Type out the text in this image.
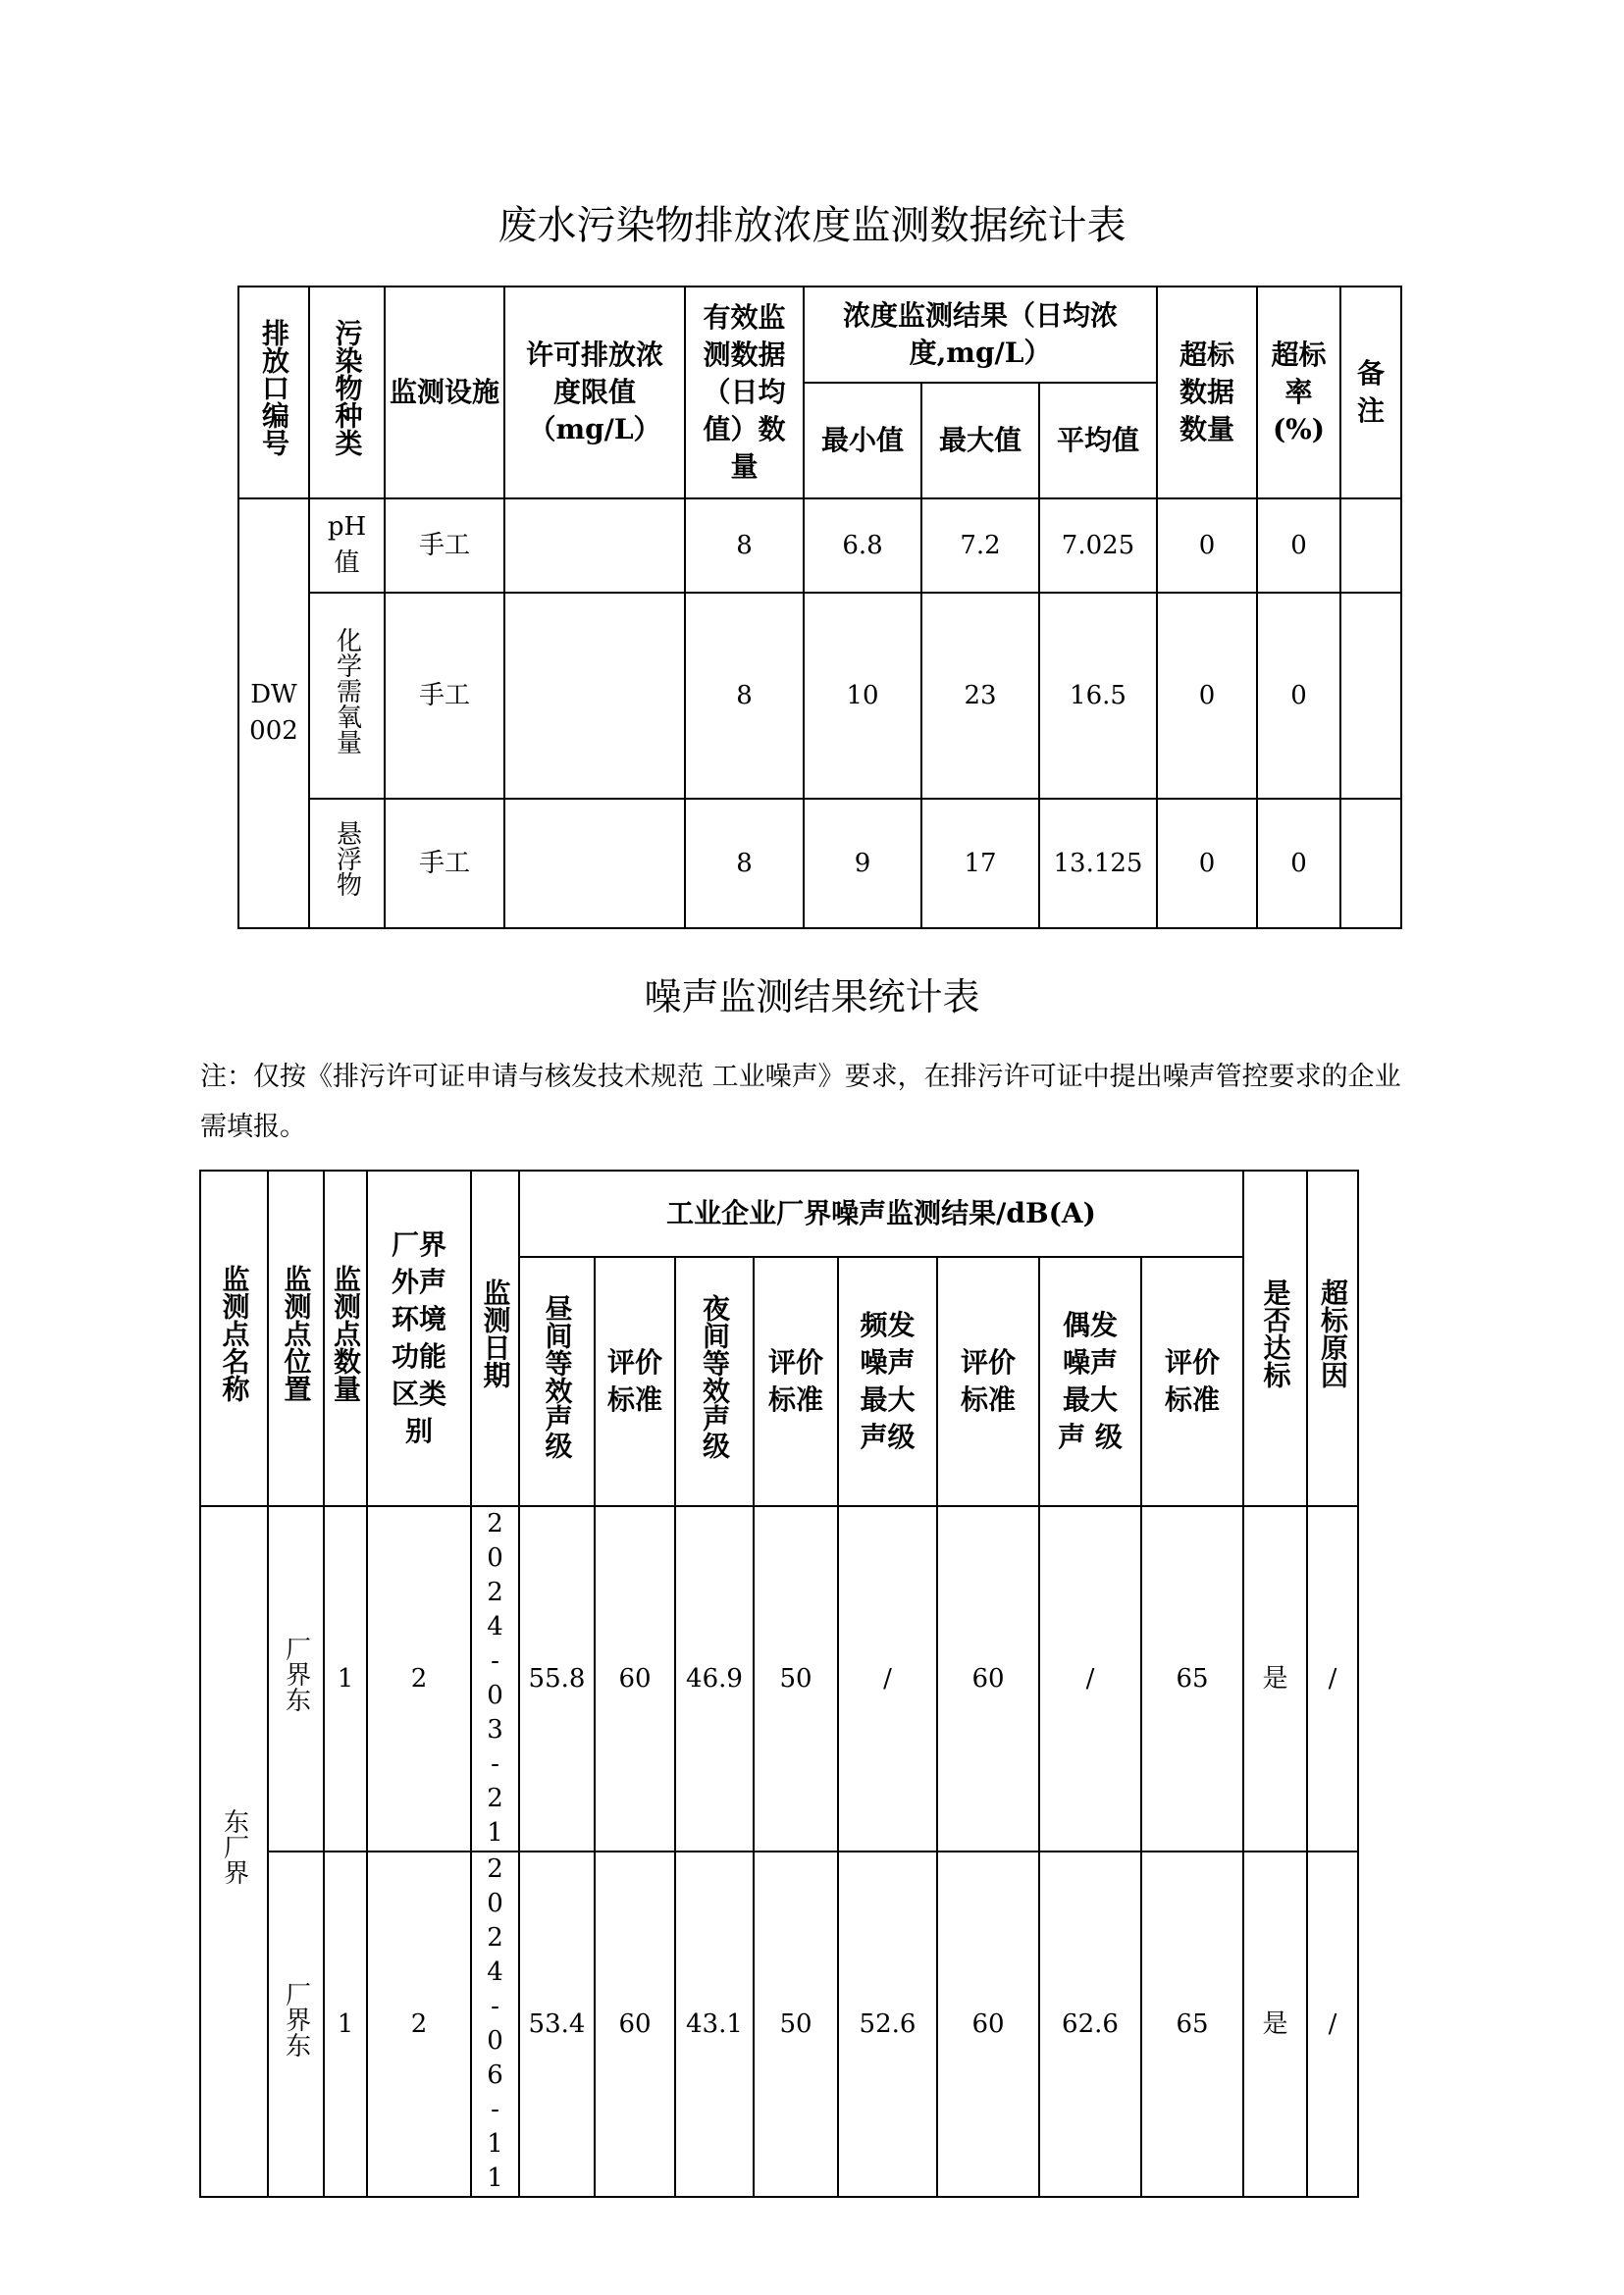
废水污染物排放浓度监测数据统计表
排放口编号	污染物种类	监测设施	许可排放浓度限值（mg/L）	有效监测数据（日均值）数量	浓度监测结果（日均浓度,mg/L）			超标数据数量	超标率(%)	备注
					最小值	最大值	平均值			
DW002	pH值	手工		8	6.8	7.2	7.025	0	0	
	化学需氧量	手工		8	10	23	16.5	0	0	
	悬浮物	手工		8	9	17	13.125	0	0	
噪声监测结果统计表
注：仅按《排污许可证申请与核发技术规范 工业噪声》要求，在排污许可证中提出噪声管控要求的企业需填报。
监测点名称	监测点位置	监测点数量	厂界外声环境功能区类别	监测日期	工业企业厂界噪声监测结果/dB(A)								是否达标	超标原因
					昼间等效声级	评价标准	夜间等效声级	评价标准	频发噪声最大声级	评价标准	偶发噪声最大声 级	评价标准		
东厂界	厂界东	1	2	2024-03-21	55.8	60	46.9	50	/	60	/	65	是	/
	厂界东	1	2	2024-06-11	53.4	60	43.1	50	52.6	60	62.6	65	是	/
